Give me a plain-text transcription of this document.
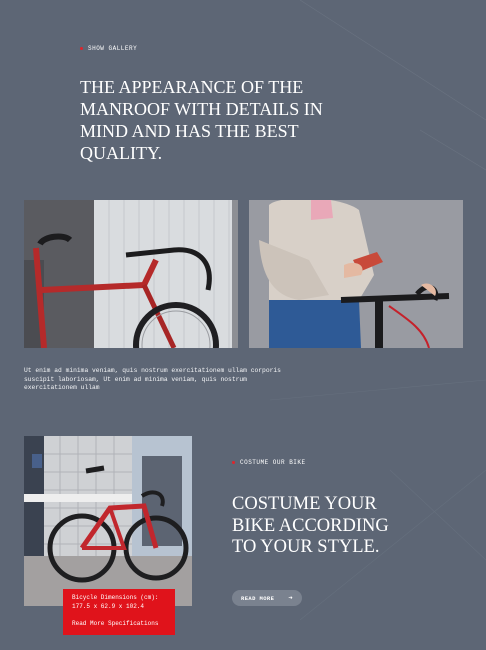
SHOW GALLERY
THE APPEARANCE OF THE MANROOF WITH DETAILS IN MIND AND HAS THE BEST QUALITY.
Ut enim ad minima veniam, quis nostrum exercitationem ullam corporis suscipit laboriosam, Ut enim ad minima veniam, quis nostrum exercitationem ullam
Bicycle Dimensions (cm):
177.5 x 62.9 x 102.4
Read More Specifications
COSTUME OUR BIKE
COSTUME YOUR BIKE ACCORDING TO YOUR STYLE.
READ MORE ➜
